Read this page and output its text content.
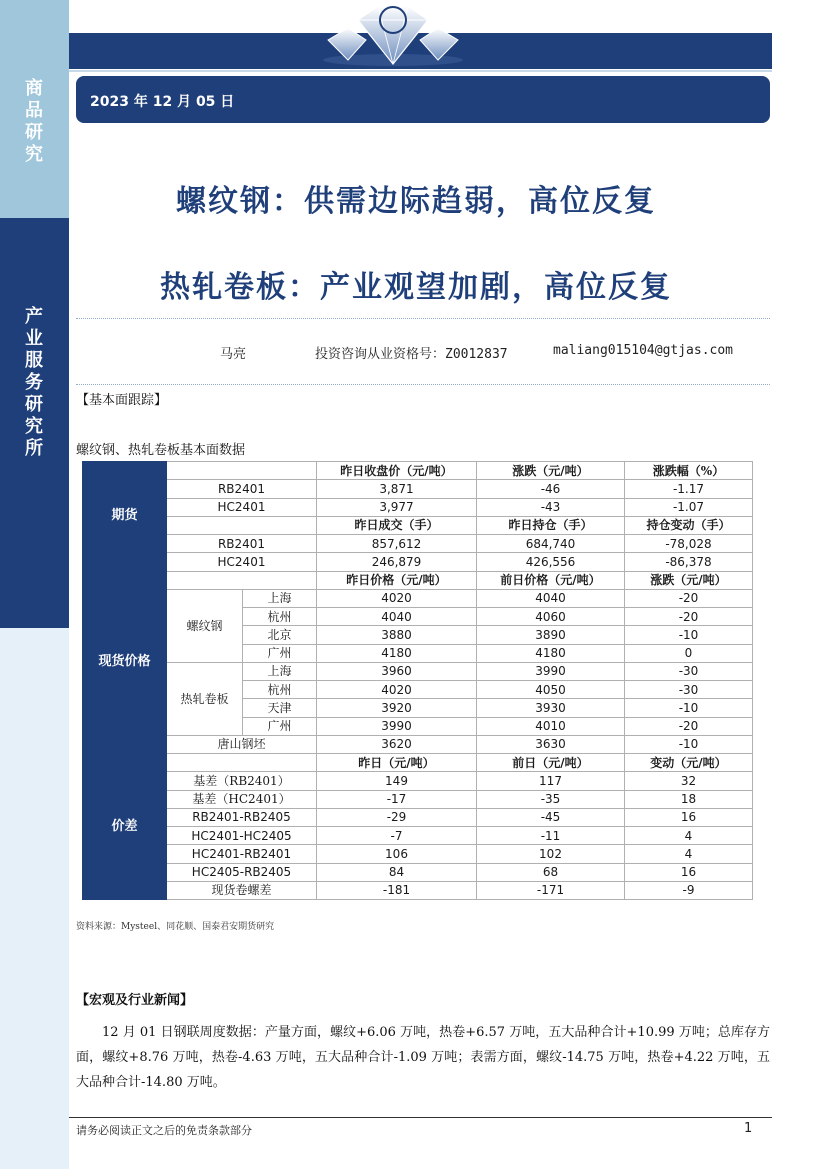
商
品
研
究
产
业
服
务
研
究
所
2023 年 12 月 05 日
螺纹钢：供需边际趋弱，高位反复
热轧卷板：产业观望加剧，高位反复
马亮	投资咨询从业资格号：Z0012837	maliang015104@gtjas.com
【基本面跟踪】
螺纹钢、热轧卷板基本面数据
期货			昨日收盘价（元/吨）	涨跌（元/吨）	涨跌幅（%）
	RB2401		3,871	-46	-1.17
	HC2401		3,977	-43	-1.07
			昨日成交（手）	昨日持仓（手）	持仓变动（手）
	RB2401		857,612	684,740	-78,028
	HC2401		246,879	426,556	-86,378
现货价格			昨日价格（元/吨）	前日价格（元/吨）	涨跌（元/吨）
	螺纹钢	上海	4020	4040	-20
		杭州	4040	4060	-20
		北京	3880	3890	-10
		广州	4180	4180	0
	热轧卷板	上海	3960	3990	-30
		杭州	4020	4050	-30
		天津	3920	3930	-10
		广州	3990	4010	-20
	唐山钢坯		3620	3630	-10
价差			昨日（元/吨）	前日（元/吨）	变动（元/吨）
	基差（RB2401）		149	117	32
	基差（HC2401）		-17	-35	18
	RB2401-RB2405		-29	-45	16
	HC2401-HC2405		-7	-11	4
	HC2401-RB2401		106	102	4
	HC2405-RB2405		84	68	16
	现货卷螺差		-181	-171	-9
资料来源：Mysteel、同花顺、国泰君安期货研究
【宏观及行业新闻】
12 月 01 日钢联周度数据：产量方面，螺纹+6.06 万吨，热卷+6.57 万吨，五大品种合计+10.99 万吨；总库存方面，螺纹+8.76 万吨，热卷-4.63 万吨，五大品种合计-1.09 万吨；表需方面，螺纹-14.75 万吨，热卷+4.22 万吨，五大品种合计-14.80 万吨。
请务必阅读正文之后的免责条款部分	1
